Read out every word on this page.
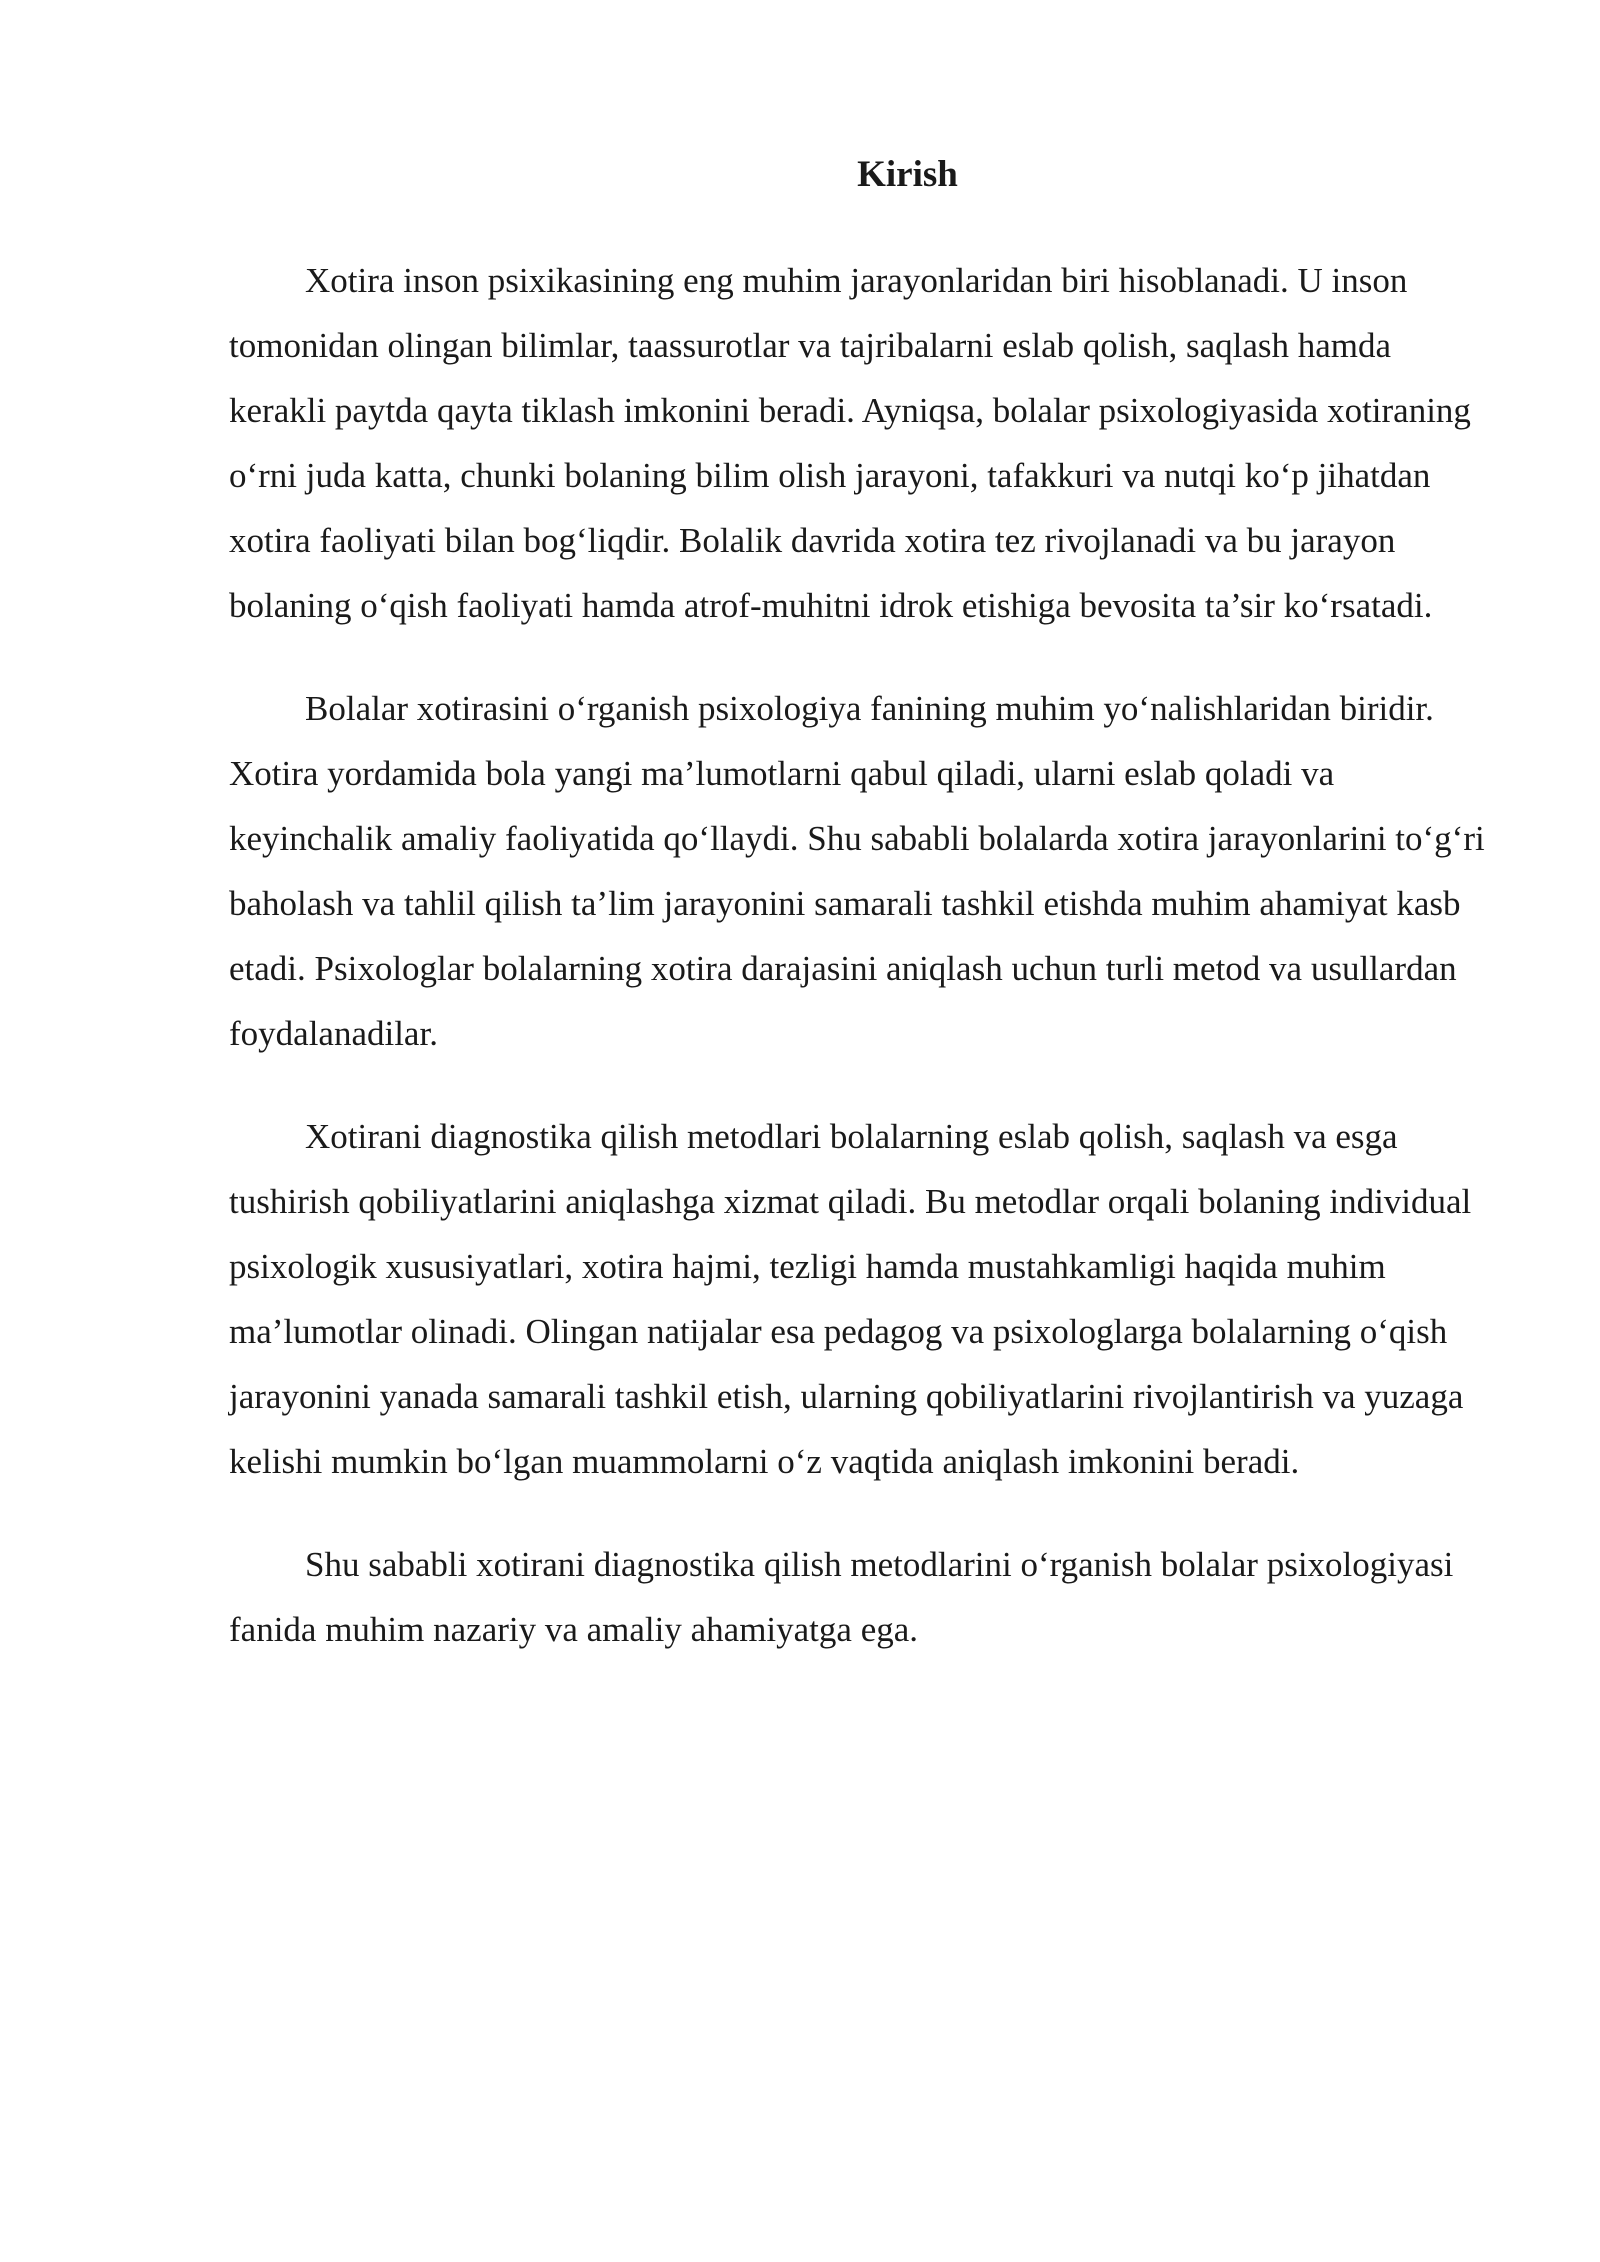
Kirish

Xotira inson psixikasining eng muhim jarayonlaridan biri hisoblanadi. U inson tomonidan olingan bilimlar, taassurotlar va tajribalarni eslab qolish, saqlash hamda kerakli paytda qayta tiklash imkonini beradi. Ayniqsa, bolalar psixologiyasida xotiraning o‘rni juda katta, chunki bolaning bilim olish jarayoni, tafakkuri va nutqi ko‘p jihatdan xotira faoliyati bilan bog‘liqdir. Bolalik davrida xotira tez rivojlanadi va bu jarayon bolaning o‘qish faoliyati hamda atrof-muhitni idrok etishiga bevosita ta’sir ko‘rsatadi.

Bolalar xotirasini o‘rganish psixologiya fanining muhim yo‘nalishlaridan biridir. Xotira yordamida bola yangi ma’lumotlarni qabul qiladi, ularni eslab qoladi va keyinchalik amaliy faoliyatida qo‘llaydi. Shu sababli bolalarda xotira jarayonlarini to‘g‘ri baholash va tahlil qilish ta’lim jarayonini samarali tashkil etishda muhim ahamiyat kasb etadi. Psixologlar bolalarning xotira darajasini aniqlash uchun turli metod va usullardan foydalanadilar.

Xotirani diagnostika qilish metodlari bolalarning eslab qolish, saqlash va esga tushirish qobiliyatlarini aniqlashga xizmat qiladi. Bu metodlar orqali bolaning individual psixologik xususiyatlari, xotira hajmi, tezligi hamda mustahkamligi haqida muhim ma’lumotlar olinadi. Olingan natijalar esa pedagog va psixologlarga bolalarning o‘qish jarayonini yanada samarali tashkil etish, ularning qobiliyatlarini rivojlantirish va yuzaga kelishi mumkin bo‘lgan muammolarni o‘z vaqtida aniqlash imkonini beradi.

Shu sababli xotirani diagnostika qilish metodlarini o‘rganish bolalar psixologiyasi fanida muhim nazariy va amaliy ahamiyatga ega.
